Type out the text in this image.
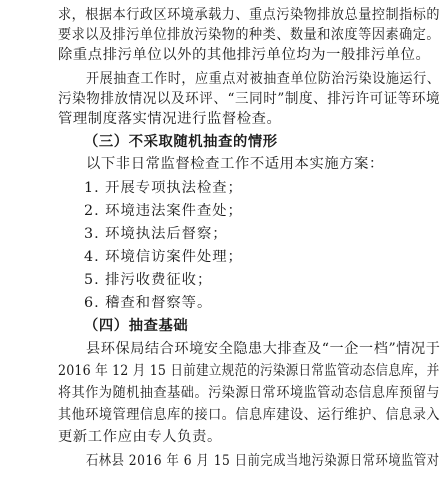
求，根据本行政区环境承载力、重点污染物排放总量控制指标的
要求以及排污单位排放污染物的种类、数量和浓度等因素确定。
除重点排污单位以外的其他排污单位均为一般排污单位。
开展抽查工作时，应重点对被抽查单位防治污染设施运行、
污染物排放情况以及环评、“三同时”制度、排污许可证等环境
管理制度落实情况进行监督检查。
（三）不采取随机抽查的情形
以下非日常监督检查工作不适用本实施方案：
1. 开展专项执法检查；
2. 环境违法案件查处；
3. 环境执法后督察；
4. 环境信访案件处理；
5. 排污收费征收；
6. 稽查和督察等。
（四）抽查基础
县环保局结合环境安全隐患大排查及“一企一档”情况于
2016 年 12 月 15 日前建立规范的污染源日常监管动态信息库，并
将其作为随机抽查基础。污染源日常环境监管动态信息库预留与
其他环境管理信息库的接口。信息库建设、运行维护、信息录入
更新工作应由专人负责。
石林县 2016 年 6 月 15 日前完成当地污染源日常环境监管对
